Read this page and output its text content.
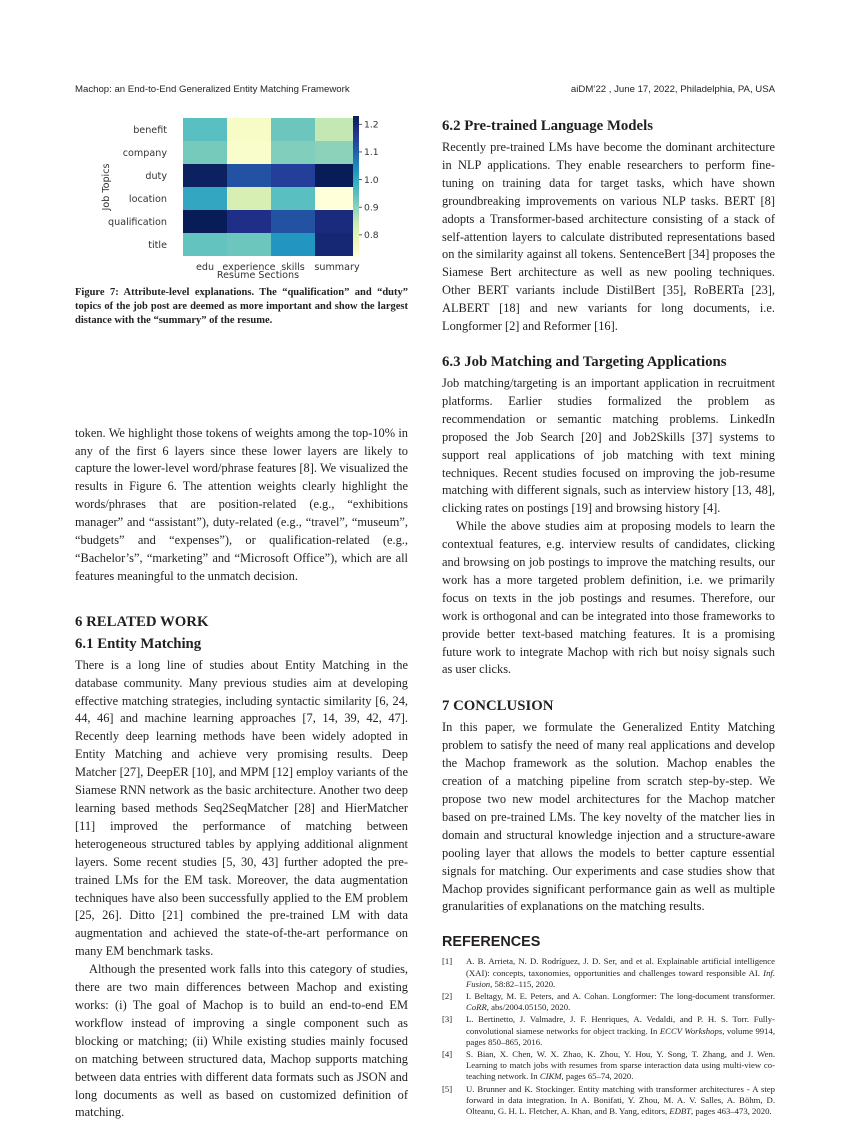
Machop: an End-to-End Generalized Entity Matching Framework	aiDM’22 , June 17, 2022, Philadelphia, PA, USA
benefit
company
duty
location
qualification
title
edu experience skills summary
Job Topics
Resume Sections
1.2
1.1
1.0
0.9
0.8

Figure 7: Attribute-level explanations. The “qualification” and “duty” topics of the job post are deemed as more important and show the largest distance with the “summary” of the resume.

token. We highlight those tokens of weights among the top-10% in any of the first 6 layers since these lower layers are likely to capture the lower-level word/phrase features [8]. We visualized the results in Figure 6. The attention weights clearly highlight the words/phrases that are position-related (e.g., “exhibitions manager” and “assistant”), duty-related (e.g., “travel”, “museum”, “budgets” and “expenses”), or qualification-related (e.g., “Bachelor’s”, “marketing” and “Microsoft Office”), which are all features meaningful to the unmatch decision.

6 RELATED WORK
6.1 Entity Matching

There is a long line of studies about Entity Matching in the database community. Many previous studies aim at developing effective matching strategies, including syntactic similarity [6, 24, 44, 46] and machine learning approaches [7, 14, 39, 42, 47]. Recently deep learning methods have been widely adopted in Entity Matching and achieve very promising results. Deep Matcher [27], DeepER [10], and MPM [12] employ variants of the Siamese RNN network as the basic architecture. Another two deep learning based methods Seq2SeqMatcher [28] and HierMatcher [11] improved the performance of matching between heterogeneous structured tables by applying additional alignment layers. Some recent studies [5, 30, 43] further adopted the pre-trained LMs for the EM task. Moreover, the data augmentation techniques have also been successfully applied to the EM problem [25, 26]. Ditto [21] combined the pre-trained LM with data augmentation and achieved the state-of-the-art performance on many EM benchmark tasks.

Although the presented work falls into this category of studies, there are two main differences between Machop and existing works: (i) The goal of Machop is to build an end-to-end EM workflow instead of improving a single component such as blocking or matching; (ii) While existing studies mainly focused on matching between structured data, Machop supports matching between data entries with different data formats such as JSON and long documents as well as based on customized definition of matching.

6.2 Pre-trained Language Models

Recently pre-trained LMs have become the dominant architecture in NLP applications. They enable researchers to perform fine-tuning on training data for target tasks, which have shown groundbreaking improvements on various NLP tasks. BERT [8] adopts a Transformer-based architecture consisting of a stack of self-attention layers to calculate distributed representations based on the similarity against all tokens. SentenceBert [34] proposes the Siamese Bert architecture as well as new pooling techniques. Other BERT variants include DistilBert [35], RoBERTa [23], ALBERT [18] and new variants for long documents, i.e. Longformer [2] and Reformer [16].

6.3 Job Matching and Targeting Applications

Job matching/targeting is an important application in recruitment platforms. Earlier studies formalized the problem as recommendation or semantic matching problems. LinkedIn proposed the Job Search [20] and Job2Skills [37] systems to support real applications of job matching with text mining techniques. Recent studies focused on improving the job-resume matching with different signals, such as interview history [13, 48], clicking rates on postings [19] and browsing history [4].

While the above studies aim at proposing models to learn the contextual features, e.g. interview results of candidates, clicking and browsing on job postings to improve the matching results, our work has a more targeted problem definition, i.e. we primarily focus on texts in the job postings and resumes. Therefore, our work is orthogonal and can be integrated into those frameworks to provide better text-based matching features. It is a promising future work to integrate Machop with rich but noisy signals such as user clicks.

7 CONCLUSION

In this paper, we formulate the Generalized Entity Matching problem to satisfy the need of many real applications and develop the Machop framework as the solution. Machop enables the creation of a matching pipeline from scratch step-by-step. We propose two new model architectures for the Machop matcher based on pre-trained LMs. The key novelty of the matcher lies in domain and structural knowledge injection and a structure-aware pooling layer that allows the models to better capture essential signals for matching. Our experiments and case studies show that Machop provides significant performance gain as well as multiple granularities of explanations on the matching results.

REFERENCES
[1] A. B. Arrieta, N. D. Rodríguez, J. D. Ser, and et al. Explainable artificial intelligence (XAI): concepts, taxonomies, opportunities and challenges toward responsible AI. Inf. Fusion, 58:82–115, 2020.
[2] I. Beltagy, M. E. Peters, and A. Cohan. Longformer: The long-document transformer. CoRR, abs/2004.05150, 2020.
[3] L. Bertinetto, J. Valmadre, J. F. Henriques, A. Vedaldi, and P. H. S. Torr. Fully-convolutional siamese networks for object tracking. In ECCV Workshops, volume 9914, pages 850–865, 2016.
[4] S. Bian, X. Chen, W. X. Zhao, K. Zhou, Y. Hou, Y. Song, T. Zhang, and J. Wen. Learning to match jobs with resumes from sparse interaction data using multi-view co-teaching network. In CIKM, pages 65–74, 2020.
[5] U. Brunner and K. Stockinger. Entity matching with transformer architectures - A step forward in data integration. In A. Bonifati, Y. Zhou, M. A. V. Salles, A. Böhm, D. Olteanu, G. H. L. Fletcher, A. Khan, and B. Yang, editors, EDBT, pages 463–473, 2020.
